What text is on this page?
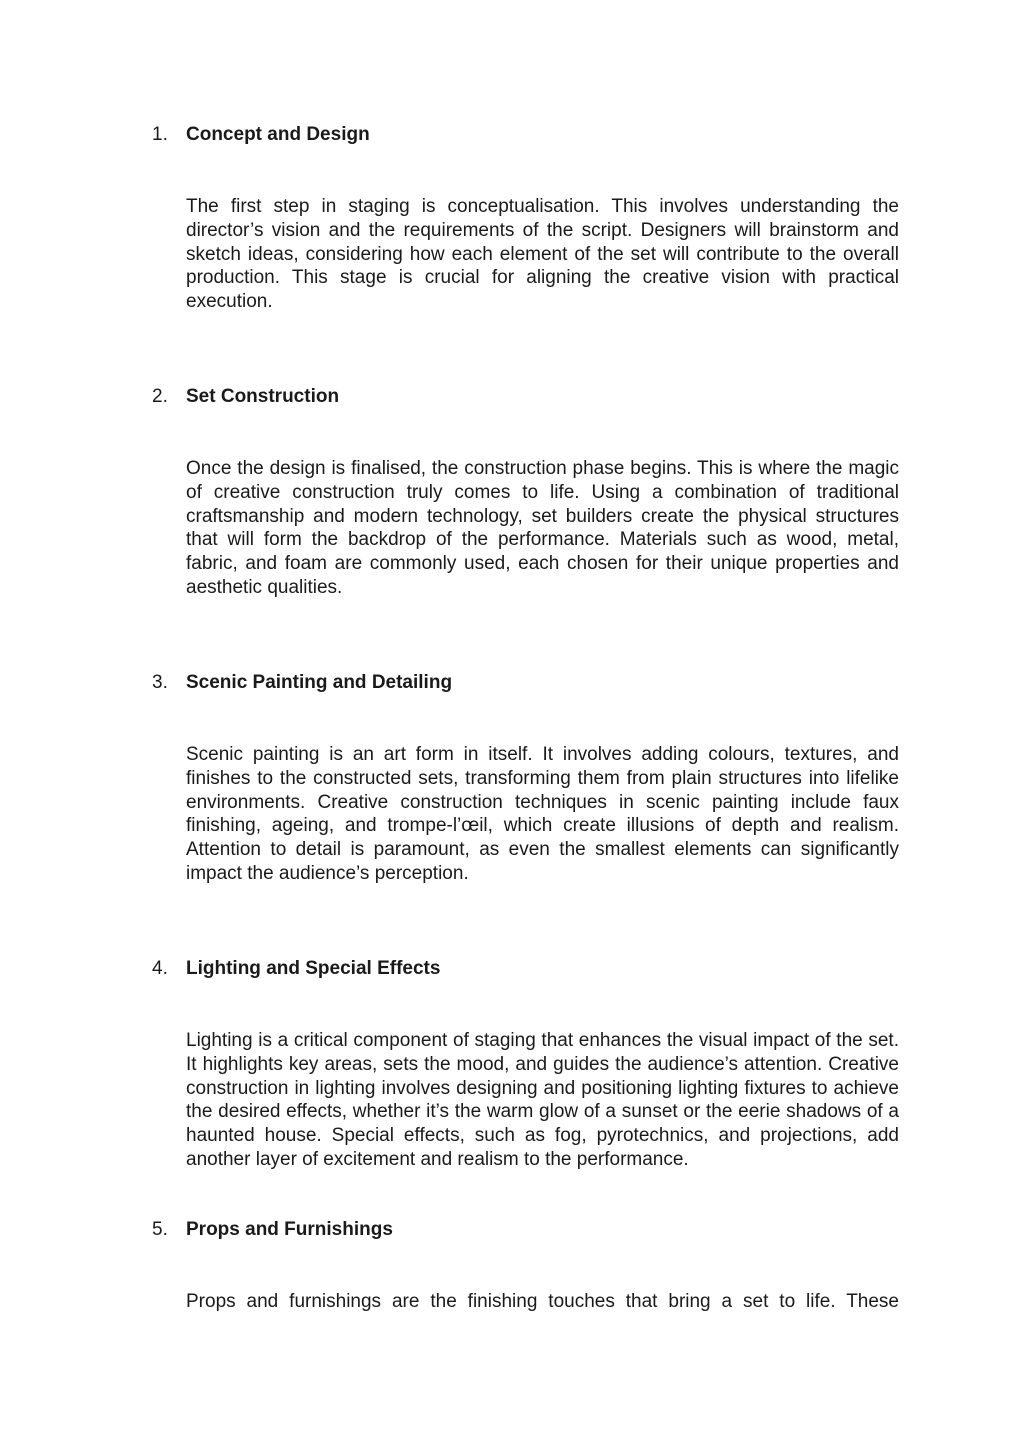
1. Concept and Design

The first step in staging is conceptualisation. This involves understanding the director’s vision and the requirements of the script. Designers will brainstorm and sketch ideas, considering how each element of the set will contribute to the overall production. This stage is crucial for aligning the creative vision with practical execution.

2. Set Construction

Once the design is finalised, the construction phase begins. This is where the magic of creative construction truly comes to life. Using a combination of traditional craftsmanship and modern technology, set builders create the physical structures that will form the backdrop of the performance. Materials such as wood, metal, fabric, and foam are commonly used, each chosen for their unique properties and aesthetic qualities.

3. Scenic Painting and Detailing

Scenic painting is an art form in itself. It involves adding colours, textures, and finishes to the constructed sets, transforming them from plain structures into lifelike environments. Creative construction techniques in scenic painting include faux finishing, ageing, and trompe-l’œil, which create illusions of depth and realism. Attention to detail is paramount, as even the smallest elements can significantly impact the audience’s perception.

4. Lighting and Special Effects

Lighting is a critical component of staging that enhances the visual impact of the set. It highlights key areas, sets the mood, and guides the audience’s attention. Creative construction in lighting involves designing and positioning lighting fixtures to achieve the desired effects, whether it’s the warm glow of a sunset or the eerie shadows of a haunted house. Special effects, such as fog, pyrotechnics, and projections, add another layer of excitement and realism to the performance.

5. Props and Furnishings

Props and furnishings are the finishing touches that bring a set to life. These
